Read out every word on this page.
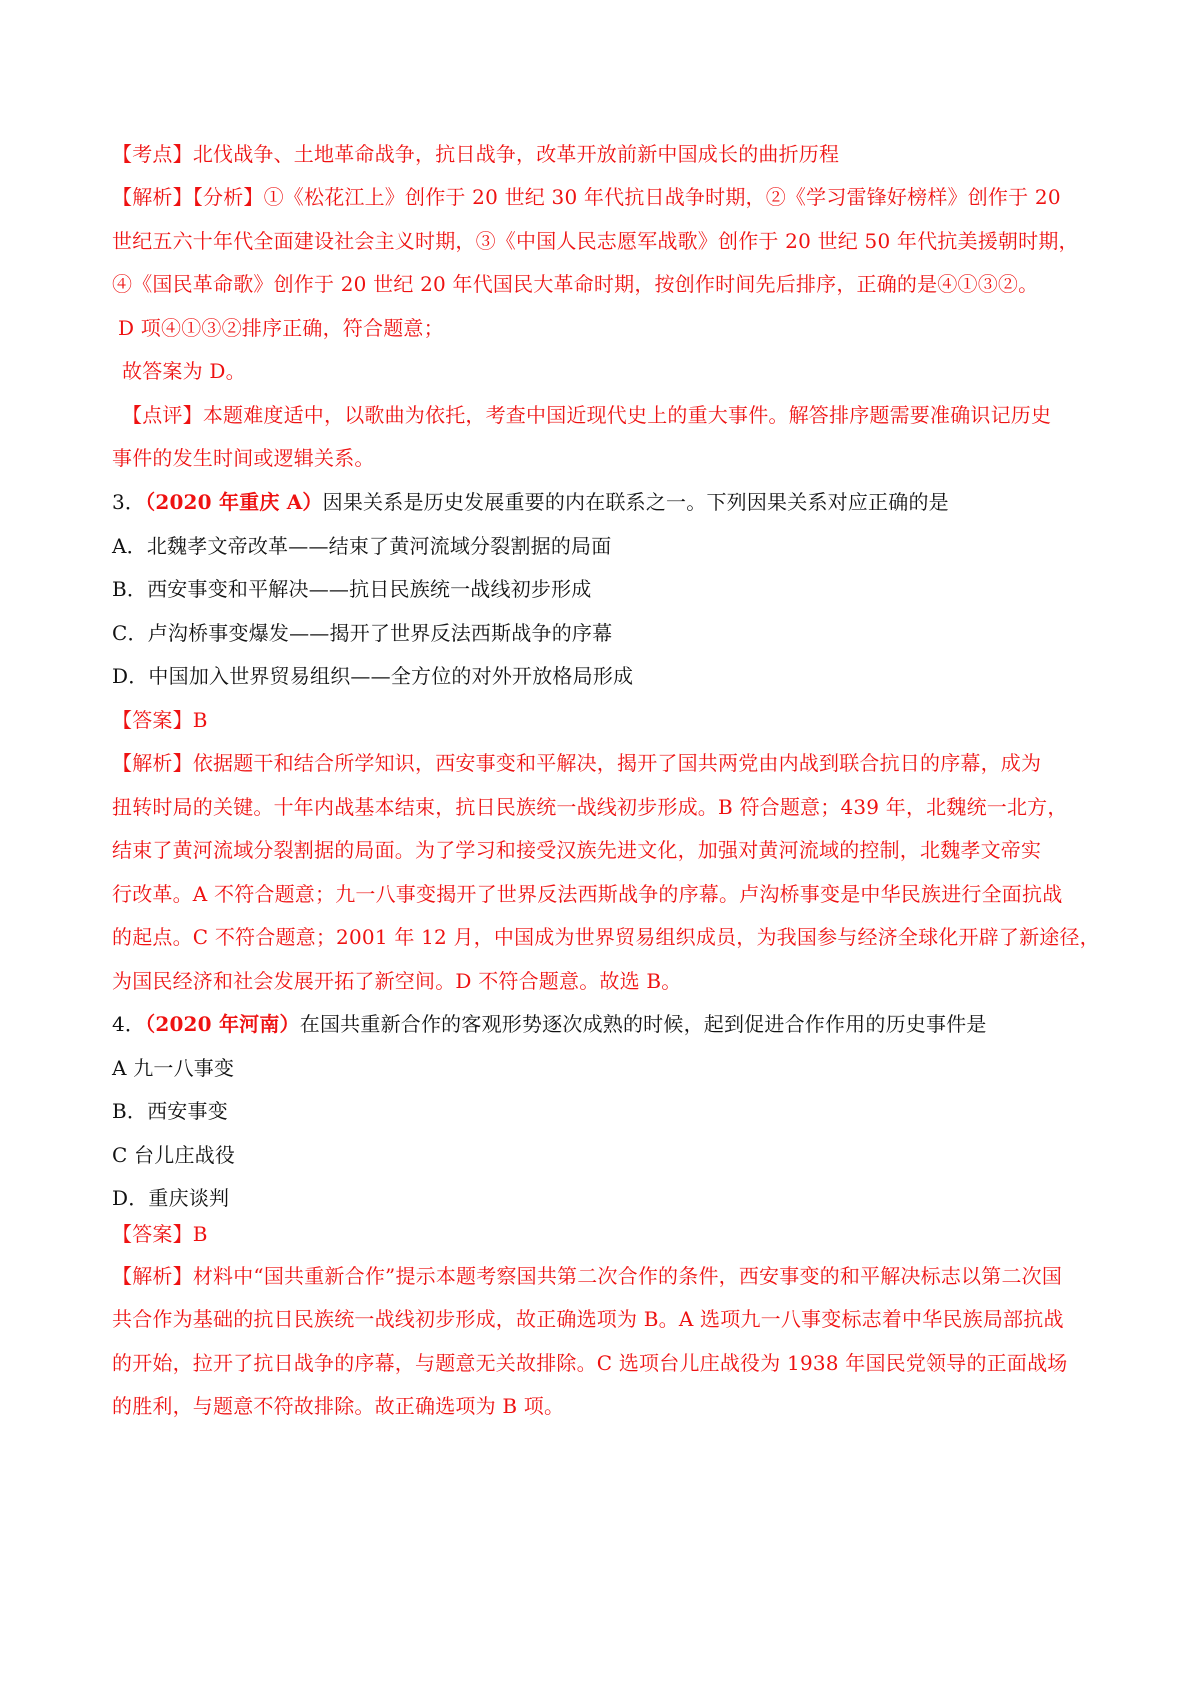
【考点】北伐战争、土地革命战争，抗日战争，改革开放前新中国成长的曲折历程
【解析】【分析】①《松花江上》创作于 20 世纪 30 年代抗日战争时期，②《学习雷锋好榜样》创作于 20
世纪五六十年代全面建设社会主义时期，③《中国人民志愿军战歌》创作于 20 世纪 50 年代抗美援朝时期，
④《国民革命歌》创作于 20 世纪 20 年代国民大革命时期，按创作时间先后排序，正确的是④①③②。
D 项④①③②排序正确，符合题意；
故答案为 D。
【点评】本题难度适中，以歌曲为依托，考查中国近现代史上的重大事件。解答排序题需要准确识记历史
事件的发生时间或逻辑关系。
3．（2020 年重庆 A）因果关系是历史发展重要的内在联系之一。下列因果关系对应正确的是
A．北魏孝文帝改革——结束了黄河流域分裂割据的局面
B．西安事变和平解决——抗日民族统一战线初步形成
C．卢沟桥事变爆发——揭开了世界反法西斯战争的序幕
D．中国加入世界贸易组织——全方位的对外开放格局形成
【答案】B
【解析】依据题干和结合所学知识，西安事变和平解决，揭开了国共两党由内战到联合抗日的序幕，成为
扭转时局的关键。十年内战基本结束，抗日民族统一战线初步形成。B 符合题意；439 年，北魏统一北方，
结束了黄河流域分裂割据的局面。为了学习和接受汉族先进文化，加强对黄河流域的控制，北魏孝文帝实
行改革。A 不符合题意；九一八事变揭开了世界反法西斯战争的序幕。卢沟桥事变是中华民族进行全面抗战
的起点。C 不符合题意；2001 年 12 月，中国成为世界贸易组织成员，为我国参与经济全球化开辟了新途径，
为国民经济和社会发展开拓了新空间。D 不符合题意。故选 B。
4．（2020 年河南）在国共重新合作的客观形势逐次成熟的时候，起到促进合作作用的历史事件是
A 九一八事变
B．西安事变
C 台儿庄战役
D．重庆谈判
【答案】B
【解析】材料中“国共重新合作”提示本题考察国共第二次合作的条件，西安事变的和平解决标志以第二次国
共合作为基础的抗日民族统一战线初步形成，故正确选项为 B。A 选项九一八事变标志着中华民族局部抗战
的开始，拉开了抗日战争的序幕，与题意无关故排除。C 选项台儿庄战役为 1938 年国民党领导的正面战场
的胜利，与题意不符故排除。故正确选项为 B 项。
